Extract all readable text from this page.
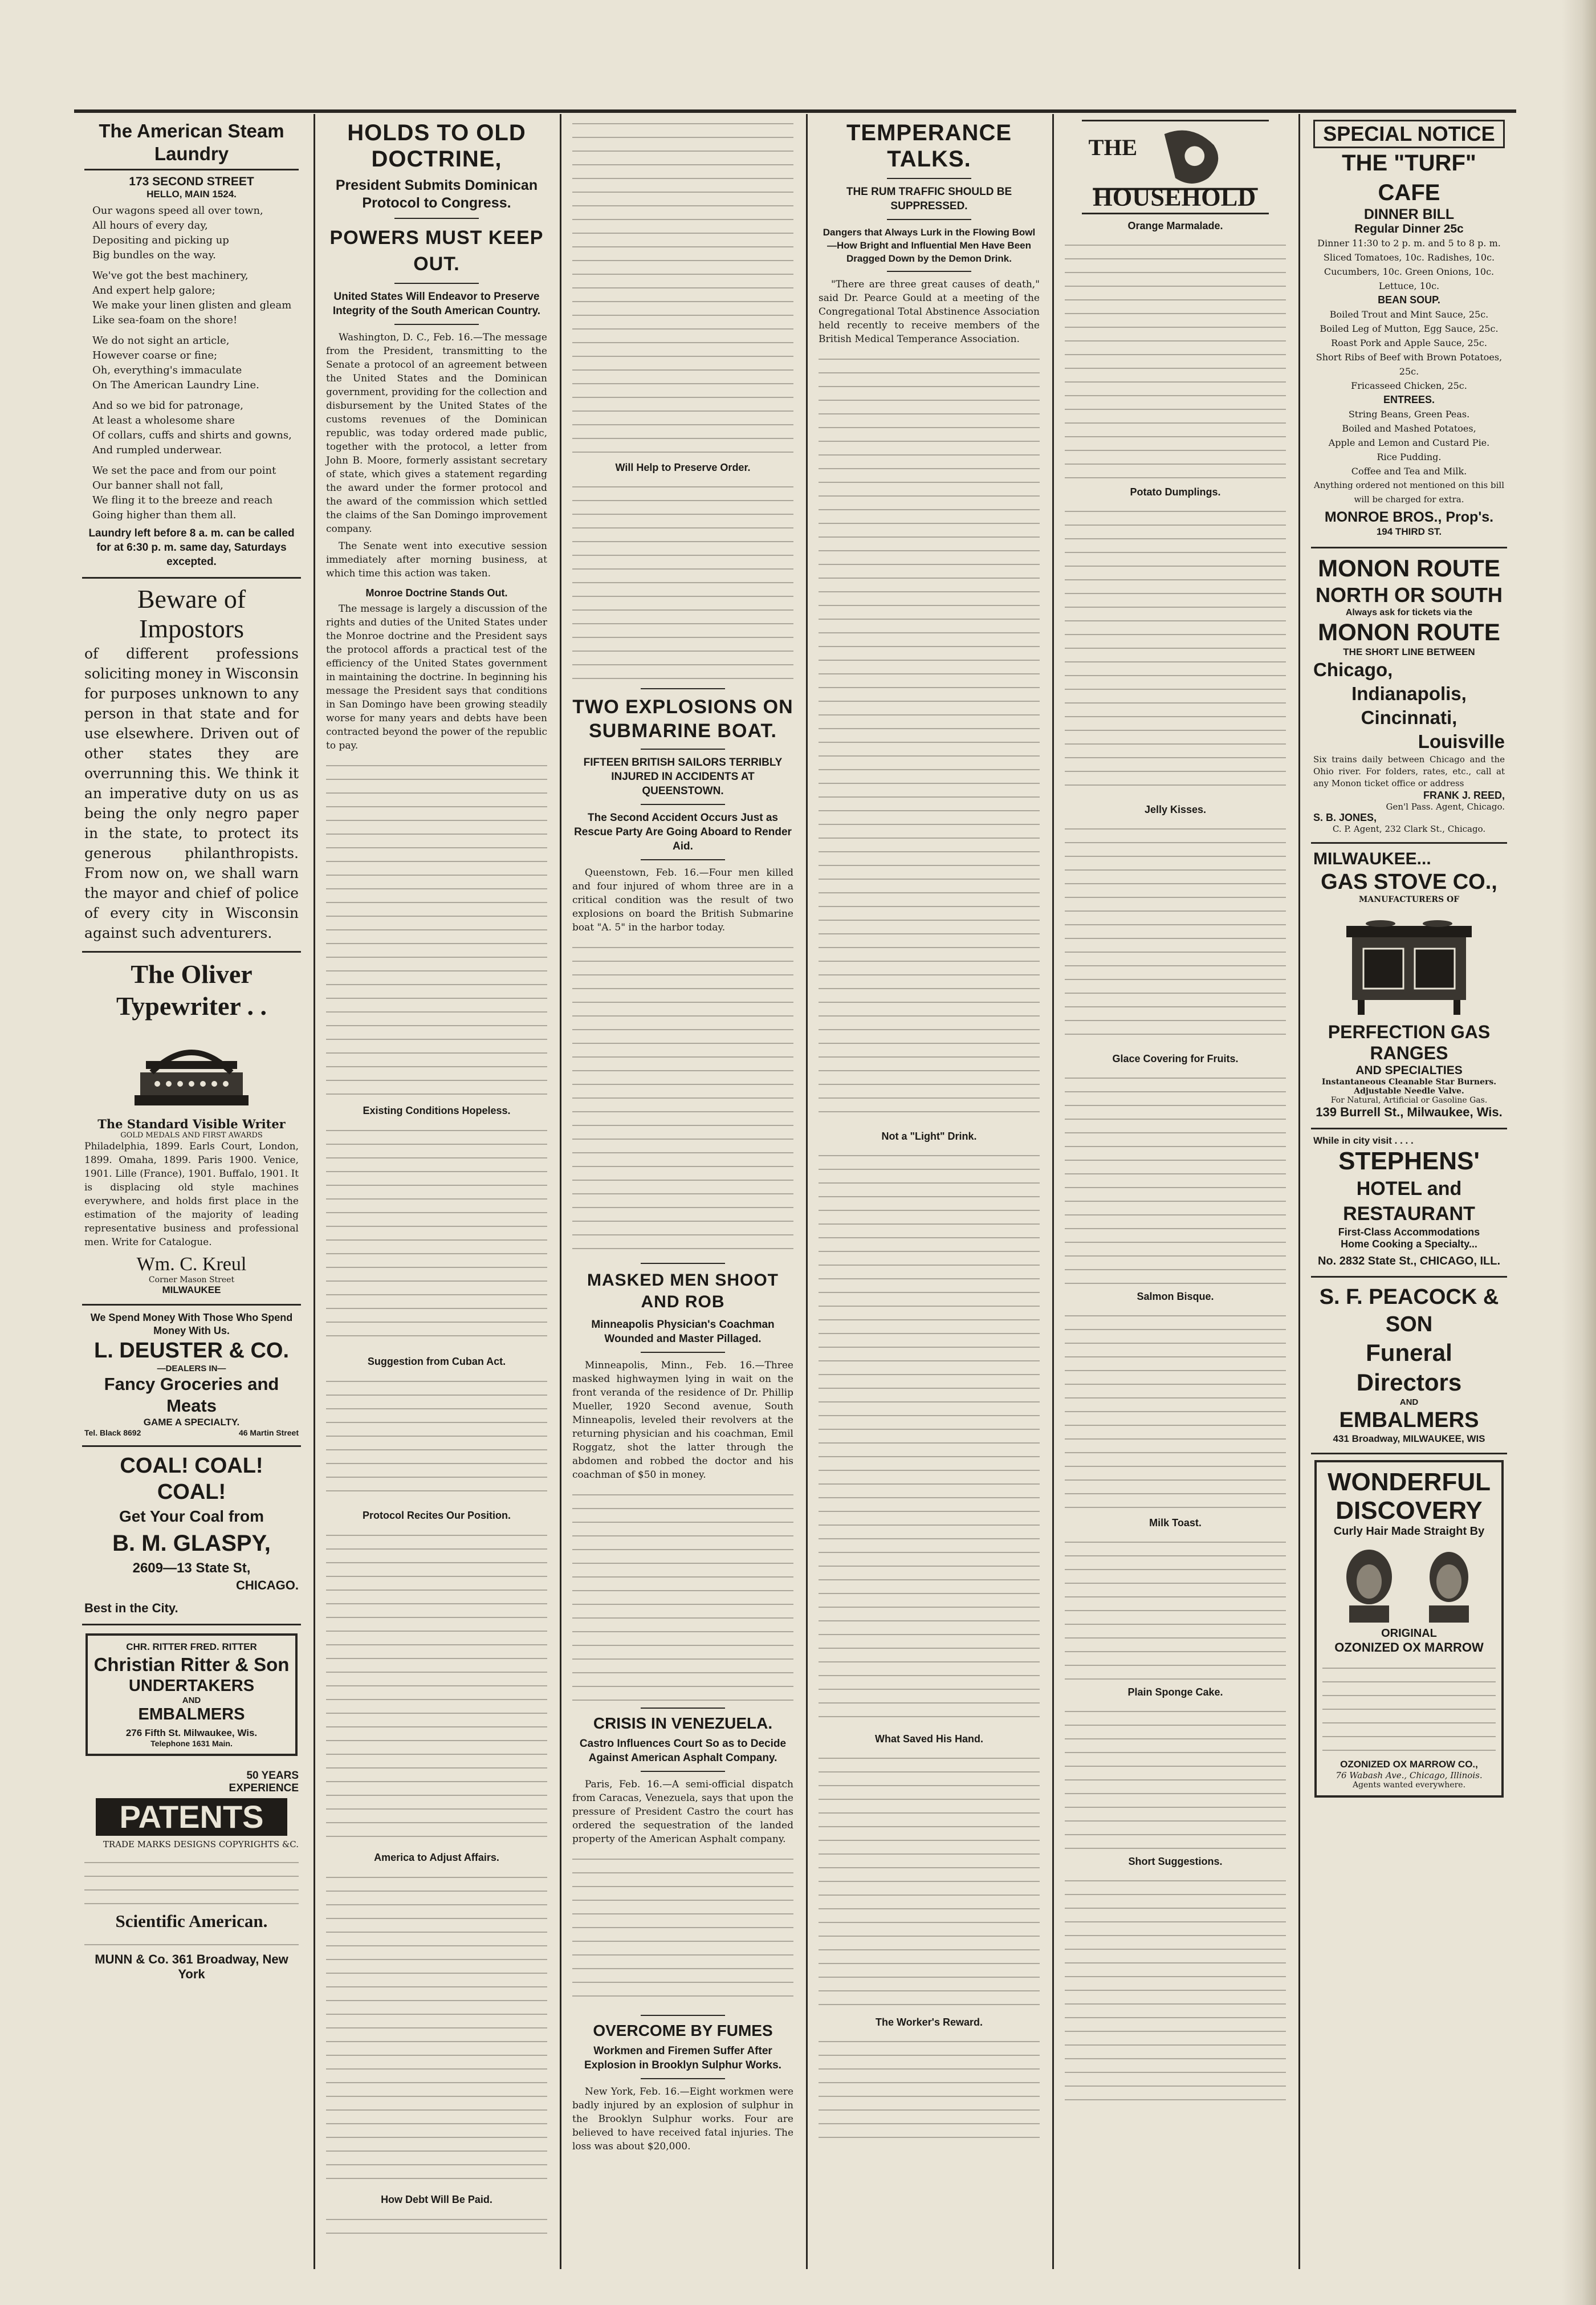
The American Steam Laundry
173 SECOND STREET
HELLO, MAIN 1524.
Our wagons speed all over town,
All hours of every day,
Depositing and picking up
Big bundles on the way.
We've got the best machinery,
And expert help galore;
We make your linen glisten and gleam
Like sea-foam on the shore!
We do not sight an article,
However coarse or fine;
Oh, everything's immaculate
On The American Laundry Line.
And so we bid for patronage,
At least a wholesome share
Of collars, cuffs and shirts and gowns,
And rumpled underwear.
We set the pace and from our point
Our banner shall not fall,
We fling it to the breeze and reach
Going higher than them all.
Laundry left before 8 a. m. can be called for at 6:30 p. m. same day, Saturdays excepted.
Beware of Impostors
of different professions soliciting money in Wisconsin for purposes unknown to any person in that state and for use elsewhere. Driven out of other states they are overrunning this. We think it an imperative duty on us as being the only negro paper in the state, to protect its generous philanthropists. From now on, we shall warn the mayor and chief of police of every city in Wisconsin against such adventurers.
The Oliver Typewriter . .
The Standard Visible Writer
GOLD MEDALS AND FIRST AWARDS
Philadelphia, 1899. Earls Court, London, 1899. Omaha, 1899. Paris 1900. Venice, 1901. Lille (France), 1901. Buffalo, 1901. It is displacing old style machines everywhere, and holds first place in the estimation of the majority of leading representative business and professional men. Write for Catalogue.
Wm. C. Kreul
Corner Mason Street
MILWAUKEE
We Spend Money With Those Who Spend Money With Us.
L. DEUSTER & CO.
—DEALERS IN—
Fancy Groceries and Meats
GAME A SPECIALTY.
Tel. Black 8692	46 Martin Street
COAL! COAL! COAL!
Get Your Coal from
B. M. GLASPY,
2609—13 State St,
CHICAGO.
Best in the City.
CHR. RITTER FRED. RITTER
Christian Ritter & Son
UNDERTAKERS
AND
EMBALMERS
276 Fifth St. Milwaukee, Wis.
Telephone 1631 Main.
50 YEARS EXPERIENCE
PATENTS
TRADE MARKS DESIGNS COPYRIGHTS &C.
Scientific American.
MUNN & Co. 361 Broadway, New York
HOLDS TO OLD DOCTRINE,
President Submits Dominican Protocol to Congress.
POWERS MUST KEEP OUT.
United States Will Endeavor to Preserve Integrity of the South American Country.

Washington, D. C., Feb. 16.—The message from the President, transmitting to the Senate a protocol of an agreement between the United States and the Dominican government, providing for the collection and disbursement by the United States of the customs revenues of the Dominican republic, was today ordered made public, together with the protocol, a letter from John B. Moore, formerly assistant secretary of state, which gives a statement regarding the award under the former protocol and the award of the commission which settled the claims of the San Domingo improvement company.

The Senate went into executive session immediately after morning business, at which time this action was taken.

Monroe Doctrine Stands Out.

The message is largely a discussion of the rights and duties of the United States under the Monroe doctrine and the President says the protocol affords a practical test of the efficiency of the United States government in maintaining the doctrine. In beginning his message the President says that conditions in San Domingo have been growing steadily worse for many years and debts have been contracted beyond the power of the republic to pay.

Existing Conditions Hopeless.
Suggestion from Cuban Act.
Protocol Recites Our Position.
America to Adjust Affairs.
How Debt Will Be Paid.
Will Help to Preserve Order.
TWO EXPLOSIONS ON SUBMARINE BOAT.
FIFTEEN BRITISH SAILORS TERRIBLY INJURED IN ACCIDENTS AT QUEENSTOWN.
The Second Accident Occurs Just as Rescue Party Are Going Aboard to Render Aid.

Queenstown, Feb. 16.—Four men killed and four injured of whom three are in a critical condition was the result of two explosions on board the British Submarine boat "A. 5" in the harbor today.

MASKED MEN SHOOT AND ROB
Minneapolis Physician's Coachman Wounded and Master Pillaged.

Minneapolis, Minn., Feb. 16.—Three masked highwaymen lying in wait on the front veranda of the residence of Dr. Phillip Mueller, 1920 Second avenue, South Minneapolis, leveled their revolvers at the returning physician and his coachman, Emil Roggatz, shot the latter through the abdomen and robbed the doctor and his coachman of $50 in money.

CRISIS IN VENEZUELA.
Castro Influences Court So as to Decide Against American Asphalt Company.

Paris, Feb. 16.—A semi-official dispatch from Caracas, Venezuela, says that upon the pressure of President Castro the court has ordered the sequestration of the landed property of the American Asphalt company.

OVERCOME BY FUMES
Workmen and Firemen Suffer After Explosion in Brooklyn Sulphur Works.

New York, Feb. 16.—Eight workmen were badly injured by an explosion of sulphur in the Brooklyn Sulphur works. Four are believed to have received fatal injuries. The loss was about $20,000.

TEMPERANCE TALKS.
THE RUM TRAFFIC SHOULD BE SUPPRESSED.
Dangers that Always Lurk in the Flowing Bowl—How Bright and Influential Men Have Been Dragged Down by the Demon Drink.

"There are three great causes of death," said Dr. Pearce Gould at a meeting of the Congregational Total Abstinence Association held recently to receive members of the British Medical Temperance Association.

Not a "Light" Drink.
What Saved His Hand.
The Worker's Reward.
THE
HOUSEHOLD
Orange Marmalade.
Potato Dumplings.
Jelly Kisses.
Glace Covering for Fruits.
Salmon Bisque.
Milk Toast.
Plain Sponge Cake.
Short Suggestions.
SPECIAL NOTICE
THE "TURF" CAFE
DINNER BILL
Regular Dinner 25c
Dinner 11:30 to 2 p. m. and 5 to 8 p. m.
Sliced Tomatoes, 10c. Radishes, 10c.
Cucumbers, 10c. Green Onions, 10c. Lettuce, 10c.
BEAN SOUP.
Boiled Trout and Mint Sauce, 25c.
Boiled Leg of Mutton, Egg Sauce, 25c.
Roast Pork and Apple Sauce, 25c.
Short Ribs of Beef with Brown Potatoes, 25c.
Fricasseed Chicken, 25c.
ENTREES.
String Beans, Green Peas.
Boiled and Mashed Potatoes,
Apple and Lemon and Custard Pie.
Rice Pudding.
Coffee and Tea and Milk.
Anything ordered not mentioned on this bill will be charged for extra.
MONROE BROS., Prop's.
194 THIRD ST.
MONON ROUTE
NORTH OR SOUTH
Always ask for tickets via the
MONON ROUTE
THE SHORT LINE BETWEEN
Chicago,
Indianapolis,
Cincinnati,
Louisville
Six trains daily between Chicago and the Ohio river. For folders, rates, etc., call at any Monon ticket office or address
FRANK J. REED,
Gen'l Pass. Agent, Chicago.
S. B. JONES,
C. P. Agent, 232 Clark St., Chicago.
MILWAUKEE...
GAS STOVE CO.,
MANUFACTURERS OF
PERFECTION GAS RANGES
AND SPECIALTIES
Instantaneous Cleanable Star Burners. Adjustable Needle Valve.
For Natural, Artificial or Gasoline Gas.
139 Burrell St., Milwaukee, Wis.
While in city visit . . . .
STEPHENS'
HOTEL and RESTAURANT
First-Class Accommodations
Home Cooking a Specialty...
No. 2832 State St., CHICAGO, ILL.
S. F. PEACOCK & SON
Funeral Directors
AND
EMBALMERS
431 Broadway, MILWAUKEE, WIS
WONDERFUL
DISCOVERY
Curly Hair Made Straight By
ORIGINAL
OZONIZED OX MARROW
OZONIZED OX MARROW CO.,
76 Wabash Ave., Chicago, Illinois.
Agents wanted everywhere.
